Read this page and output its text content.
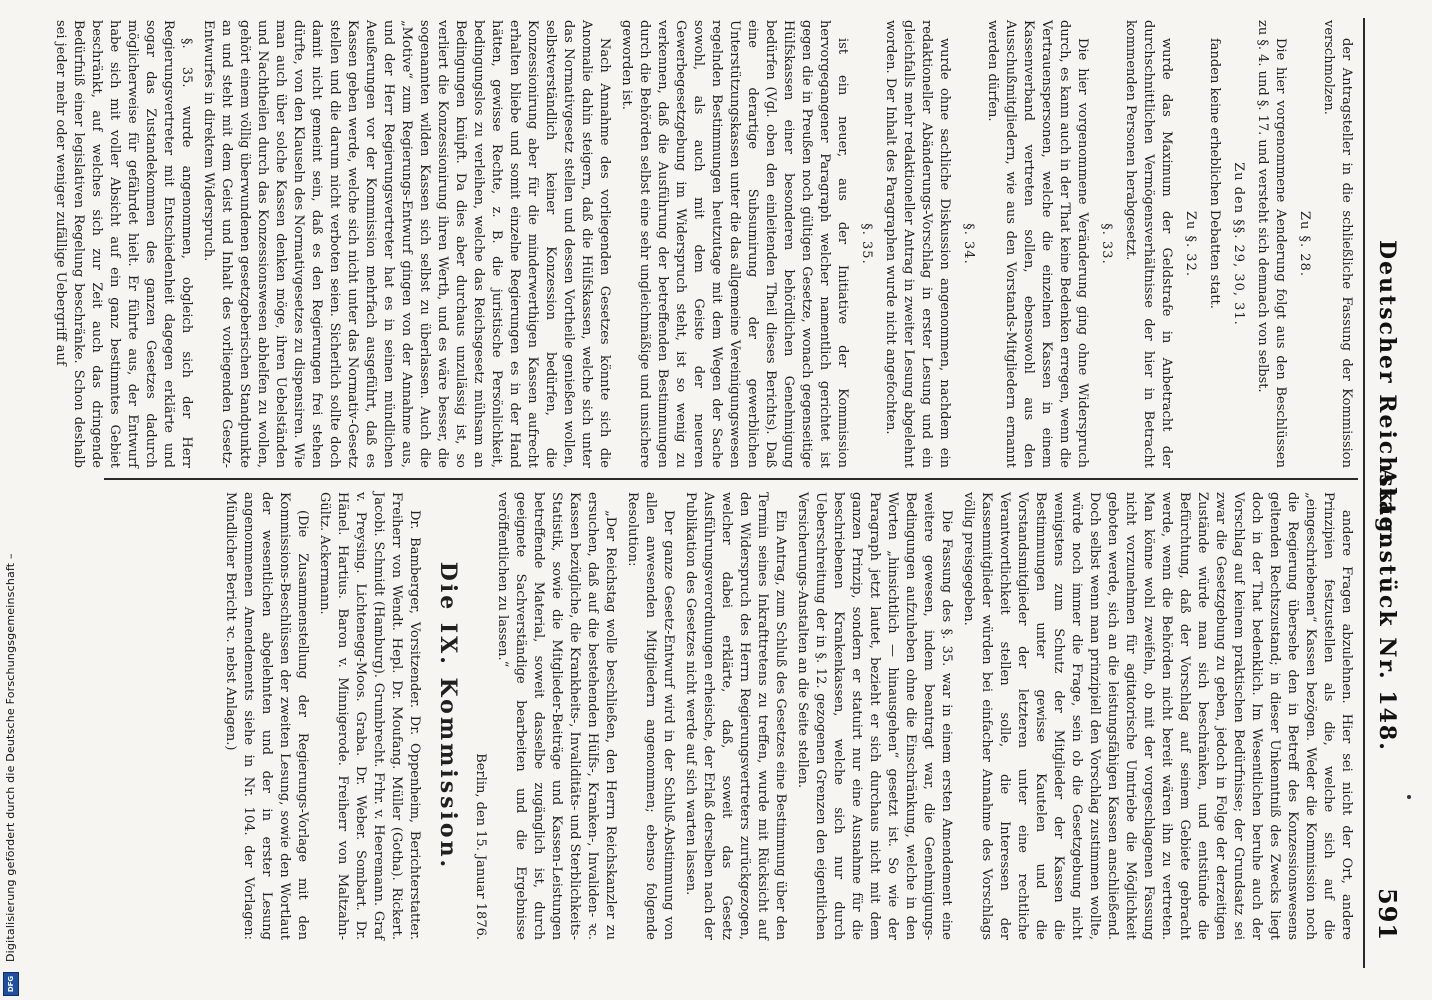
Deutscher Reichstag.
Aktenstück Nr. 148.
591

der Antragsteller in die schließliche Fassung der Kommission verschmolzen.

Zu §. 28.

Die hier vorgenommene Aenderung folgt aus den Beschlüssen zu §. 4. und §. 17. und versteht sich demnach von selbst.

Zu den §§. 29, 30, 31.

fanden keine erheblichen Debatten statt.

Zu §. 32.

wurde das Maximum der Geldstrafe in Anbetracht der durchschnittlichen Vermögensverhältnisse der hier in Betracht kommenden Personen herabgesetzt.

§. 33.

Die hier vorgenommene Veränderung ging ohne Widerspruch durch, es kann auch in der That keine Bedenken erregen, wenn die Vertrauenspersonen, welche die einzelnen Kassen in einem Kassenverband vertreten sollen, ebensowohl aus den Ausschußmitgliedern, wie aus den Vorstands-Mitgliedern ernannt werden dürfen.

§. 34.

wurde ohne sachliche Diskussion angenommen, nachdem ein redaktioneller Abänderungs-Vorschlag in erster Lesung und ein gleichfalls mehr redaktioneller Antrag in zweiter Lesung abgelehnt worden. Der Inhalt des Paragraphen wurde nicht angefochten.

§. 35.

ist ein neuer, aus der Initiative der Kommission hervorgegangener Paragraph welcher namentlich gerichtet ist gegen die in Preußen noch gültigen Gesetze, wonach gegenseitige Hülfskassen einer besonderen behördlichen Genehmigung bedürfen (Vgl. oben den einleitenden Theil dieses Berichts). Daß eine derartige Subsumirung der gewerblichen Unterstützungskassen unter die das allgemeine Vereinigungswesen regelnden Bestimmungen heutzutage mit dem Wegen der Sache sowohl, als auch mit dem Geiste der neueren Gewerbegesetzgebung im Widerspruch steht, ist so wenig zu verkennen, daß die Ausführung der betreffenden Bestimmungen durch die Behörden selbst eine sehr ungleichmäßige und unsichere geworden ist.

Nach Annahme des vorliegenden Gesetzes könnte sich die Anomalie dahin steigern, daß die Hülfskassen, welche sich unter das Normativgesetz stellen und dessen Vortheile genießen wollen, selbstverständlich keiner Konzession bedürfen, die Konzessionirung aber für die minderwerthigen Kassen aufrecht erhalten bliebe und somit einzelne Regierungen es in der Hand hätten, gewisse Rechte, z. B. die juristische Persönlichkeit, bedingungslos zu verleihen, welche das Reichsgesetz mühsam an Bedingungen knüpft. Da dies aber durchaus unzulässig ist, so verliert die Konzessionirung ihren Werth, und es wäre besser, die sogenannten wilden Kassen sich selbst zu überlassen. Auch die „Motive“ zum Regierungs-Entwurf gingen von der Annahme aus, und der Herr Regierungsvertreter hat es in seinen mündlichen Aeußerungen vor der Kommission mehrfach ausgeführt, daß es Kassen geben werde, welche sich nicht unter das Normativ-Gesetz stellen und die darum nicht verboten seien. Sicherlich sollte doch damit nicht gemeint sein, daß es den Regierungen frei stehen dürfte, von den Klauseln des Normativgesetzes zu dispensiren. Wie man auch über solche Kassen denken möge, ihren Uebelständen und Nachtheilen durch das Konzessionswesen abhelfen zu wollen, gehört einem völlig überwundenen gesetzgeberischen Standpunkte an und steht mit dem Geist und Inhalt des vorliegenden Gesetz-Entwurfes in direktem Widerspruch.

§. 35. wurde angenommen, obgleich sich der Herr Regierungsvertreter mit Entschiedenheit dagegen erklärte und sogar das Zustandekommen des ganzen Gesetzes dadurch möglicherweise für gefährdet hielt. Er führte aus, der Entwurf habe sich mit voller Absicht auf ein ganz bestimmtes Gebiet beschränkt, auf welches sich zur Zeit auch das dringende Bedürfniß einer legislativen Regelung beschränke. Schon deshalb sei jeder mehr oder weniger zufällige Uebergriff auf

andere Fragen abzulehnen. Hier sei nicht der Ort, andere Prinzipien festzustellen als die, welche sich auf die „eingeschriebenen“ Kassen bezögen. Weder die Kommission noch die Regierung übersehe den in Betreff des Konzessionswesens geltenden Rechtszustand; in dieser Unkenntniß des Zwecks liegt doch in der That bedenklich. Im Wesentlichen beruhe auch der Vorschlag auf keinem praktischen Bedürfnisse; der Grundsatz sei zwar die Gesetzgebung zu geben, jedoch in Folge der derzeitigen Zustände würde man sich beschränken, und entstünde die Befürchtung, daß der Vorschlag auf seinem Gebiete gebracht werde, wenn die Behörden nicht bereit wären ihn zu vertreten. Man könne wohl zweifeln, ob mit der vorgeschlagenen Fassung nicht vorzunehmen für agitatorische Umtriebe die Möglichkeit geboten werde, sich an die leistungsfähigen Kassen anschließend. Doch selbst wenn man prinzipiell den Vorschlag zustimmen wollte, würde noch immer die Frage, sein ob die Gesetzgebung nicht wenigstens zum Schutz der Mitglieder der Kassen die Bestimmungen unter gewisse Kautelen und die Vorstandsmitglieder der letzteren unter eine rechtliche Verantwortlichkeit stellen solle, die Interessen der Kassenmitglieder würden bei einfacher Annahme des Vorschlags völlig preisgegeben.

Die Fassung des §. 35. war in einem ersten Amendement eine weitere gewesen, indem beantragt war, die Genehmigungs-Bedingungen aufzuheben ohne die Einschränkung, welche in den Worten „hinsichtlich — hinausgehen“ gesetzt ist. So wie der Paragraph jetzt lautet, bezieht er sich durchaus nicht mit dem ganzen Prinzip, sondern er statuirt nur eine Ausnahme für die beschriebenen Krankenkassen, welche sich nur durch Ueberschreitung der in §. 12. gezogenen Grenzen den eigentlichen Versicherungs-Anstalten an die Seite stellen.

Ein Antrag, zum Schluß des Gesetzes eine Bestimmung über den Termin seines Inkrafttretens zu treffen, wurde mit Rücksicht auf den Widerspruch des Herrn Regierungsvertreters zurückgezogen, welcher dabei erklärte, daß, soweit das Gesetz Ausführungsverordnungen erheische, der Erlaß derselben nach der Publikation des Gesetzes nicht werde auf sich warten lassen.

Der ganze Gesetz-Entwurf wird in der Schluß-Abstimmung von allen anwesenden Mitgliedern angenommen; ebenso folgende Resolution:

„Der Reichstag wolle beschließen, den Herrn Reichskanzler zu ersuchen, daß auf die bestehenden Hülfs-, Kranken-, Invaliden- ꝛc. Kassen bezügliche, die Krankheits-, Invaliditäts- und Sterblichkeits-Statistik, sowie die Mitglieder-Beiträge und Kassen-Leistungen betreffende Material, soweit dasselbe zugänglich ist, durch geeignete Sachverständige bearbeiten und die Ergebnisse veröffentlichen zu lassen.“

Berlin, den 15. Januar 1876.

Die IX. Kommission.

Dr. Bamberger, Vorsitzender. Dr. Oppenheim, Berichterstatter. Freiherr von Wendt. Hepl. Dr. Moufang. Müller (Gotha). Rickert. Jacobi. Schmidt (Hamburg). Grumbrecht. Frhr. v. Heeremann. Graf v. Preysing. Lichtenegg-Moos. Graba. Dr. Weber. Sombart. Dr. Hänel. Hartius. Baron v. Minnigerode. Freiherr von Maltzahn-Gültz. Ackermann.

(Die Zusammenstellung der Regierungs-Vorlage mit den Kommissions-Beschlüssen der zweiten Lesung, sowie den Wortlaut der wesentlichen abgelehnten und der in erster Lesung angenommenen Amendements siehe in Nr. 104. der Vorlagen: Mündlicher Bericht ꝛc. nebst Anlagen.)

Digitalisierung gefördert durch die Deutsche Forschungsgemeinschaft –
DFG
